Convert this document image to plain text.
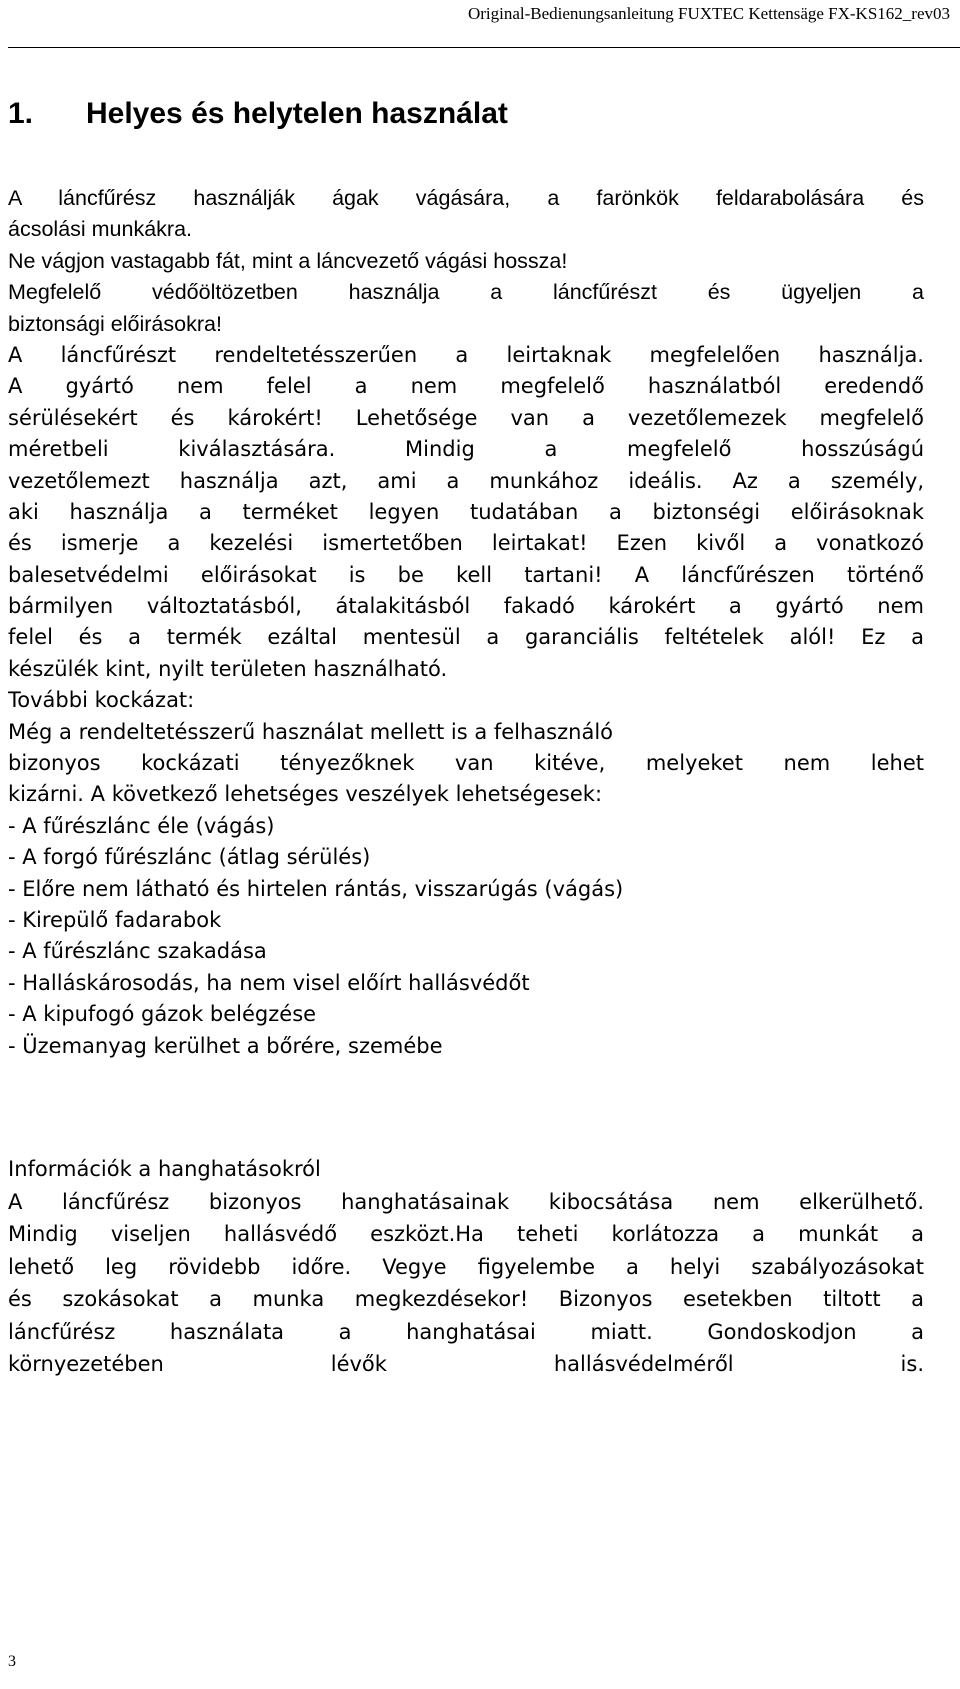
Original-Bedienungsanleitung FUXTEC Kettensäge FX-KS162_rev03
1. Helyes és helytelen használat
A láncfűrész használják ágak vágására, a farönkök feldarabolására és
ácsolási munkákra.
Ne vágjon vastagabb fát, mint a láncvezető vágási hossza!
Megfelelő védőöltözetben használja a láncfűrészt és ügyeljen a
biztonsági előirásokra!
A láncfűrészt rendeltetésszerűen a leirtaknak megfelelően használja.
A gyártó nem felel a nem megfelelő használatból eredendő
sérülésekért és károkért! Lehetősége van a vezetőlemezek megfelelő
méretbeli kiválasztására. Mindig a megfelelő hosszúságú
vezetőlemezt használja azt, ami a munkához ideális. Az a személy,
aki használja a terméket legyen tudatában a biztonségi előirásoknak
és ismerje a kezelési ismertetőben leirtakat! Ezen kivől a vonatkozó
balesetvédelmi előirásokat is be kell tartani! A láncfűrészen történő
bármilyen változtatásból, átalakitásból fakadó károkért a gyártó nem
felel és a termék ezáltal mentesül a garanciális feltételek alól! Ez a
készülék kint, nyilt területen használható.
További kockázat:
Még a rendeltetésszerű használat mellett is a felhasználó
bizonyos kockázati tényezőknek van kitéve, melyeket nem lehet
kizárni. A következő lehetséges veszélyek lehetségesek:
- A fűrészlánc éle (vágás)
- A forgó fűrészlánc (átlag sérülés)
- Előre nem látható és hirtelen rántás, visszarúgás (vágás)
- Kirepülő fadarabok
- A fűrészlánc szakadása
- Halláskárosodás, ha nem visel előírt hallásvédőt
- A kipufogó gázok belégzése
- Üzemanyag kerülhet a bőrére, szemébe
Információk a hanghatásokról
A láncfűrész bizonyos hanghatásainak kibocsátása nem elkerülhető.
Mindig viseljen hallásvédő eszközt.Ha teheti korlátozza a munkát a
lehető leg rövidebb időre. Vegye figyelembe a helyi szabályozásokat
és szokásokat a munka megkezdésekor! Bizonyos esetekben tiltott a
láncfűrész használata a hanghatásai miatt. Gondoskodjon a
környezetében lévők hallásvédelméről is.
3
